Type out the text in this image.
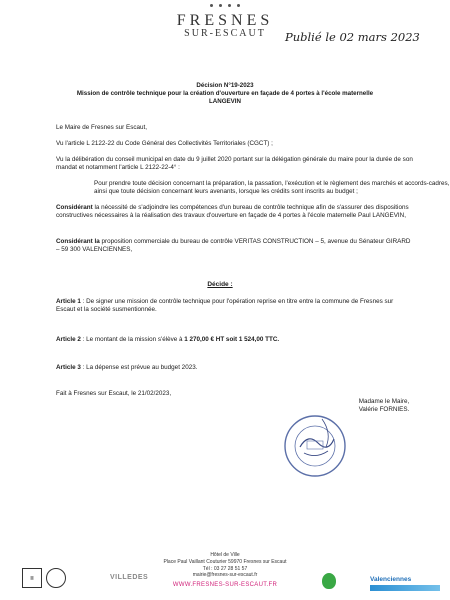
FRESNES
SUR-ESCAUT	Publié le 02 mars 2023
Décision N°19-2023
Mission de contrôle technique pour la création d'ouverture en façade de 4 portes à l'école maternelle
LANGEVIN
Le Maire de Fresnes sur Escaut,
Vu l'article L 2122-22 du Code Général des Collectivités Territoriales (CGCT) ;
Vu la délibération du conseil municipal en date du 9 juillet 2020 portant sur la délégation générale du maire pour la durée de son mandat et notamment l'article L 2122-22-4° :
Pour prendre toute décision concernant la préparation, la passation, l'exécution et le règlement des marchés et accords-cadres, ainsi que toute décision concernant leurs avenants, lorsque les crédits sont inscrits au budget ;
Considérant la nécessité de s'adjoindre les compétences d'un bureau de contrôle technique afin de s'assurer des dispositions constructives nécessaires à la réalisation des travaux d'ouverture en façade de 4 portes à l'école maternelle Paul LANGEVIN,
Considérant la proposition commerciale du bureau de contrôle VERITAS CONSTRUCTION – 5, avenue du Sénateur GIRARD – 59 300 VALENCIENNES,
Décide :
Article 1 : De signer une mission de contrôle technique pour l'opération reprise en titre entre la commune de Fresnes sur Escaut et la société susmentionnée.
Article 2 : Le montant de la mission s'élève à 1 270,00 € HT soit 1 524,00 TTC.
Article 3 : La dépense est prévue au budget 2023.
Fait à Fresnes sur Escaut, le 21/02/2023,
Madame le Maire,
Valérie FORNIES.
Hôtel de Ville
Place Paul Vaillant Couturier 59970 Fresnes sur Escaut
Tél : 03 27 28 51 57
mairie@fresnes-sur-escaut.fr
WWW.FRESNES-SUR-ESCAUT.FR
▥	VILLEDES	Valenciennes
